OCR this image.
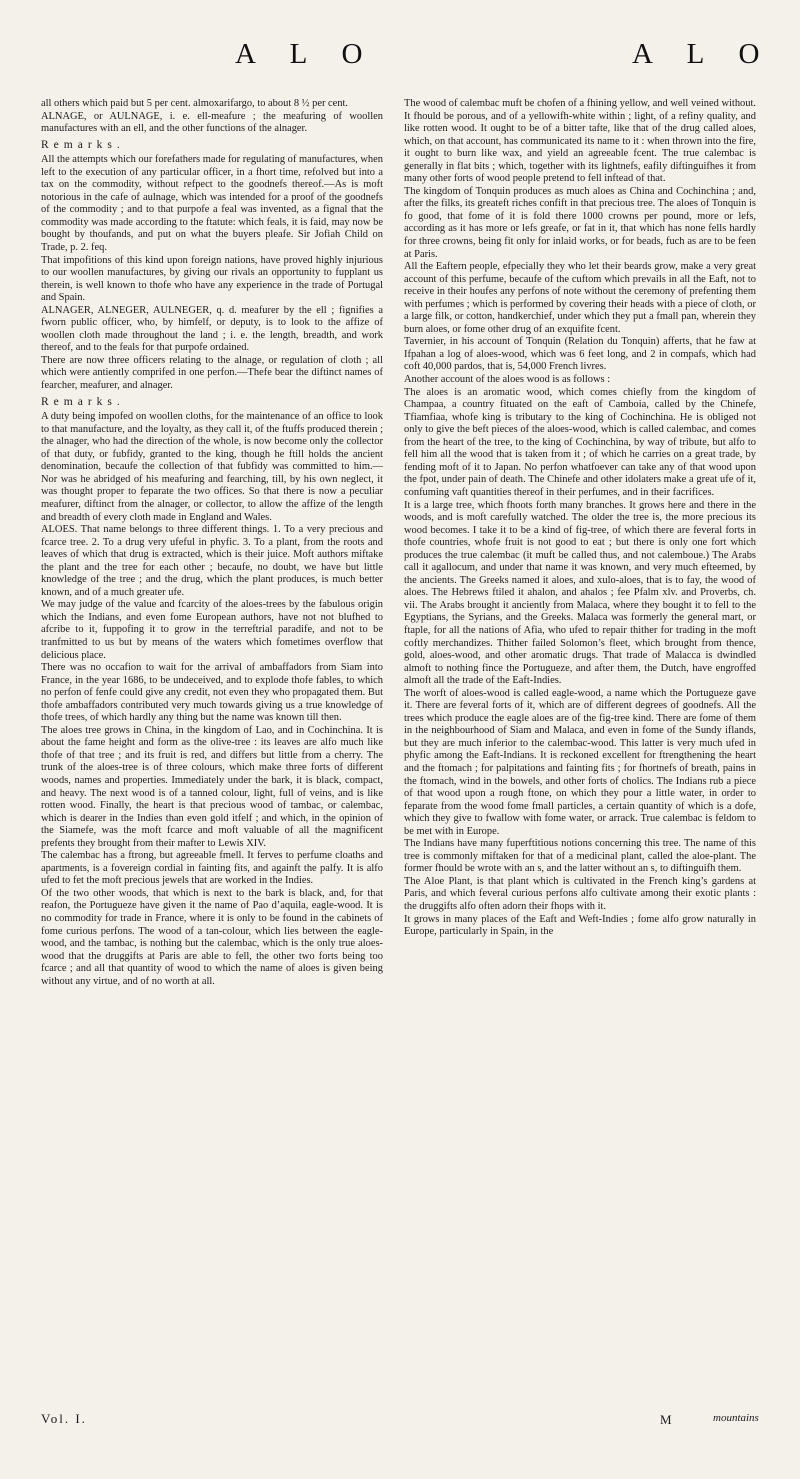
A L O	A L O

all others which paid but 5 per cent. almoxarifargo, to about 8 ½ per cent.

ALNAGE, or AULNAGE, i. e. ell-meafure ; the meafuring of woollen manufactures with an ell, and the other functions of the alnager.

Remarks.

All the attempts which our forefathers made for regulating of manufactures, when left to the execution of any particular officer, in a fhort time, refolved but into a tax on the commodity, without refpect to the goodnefs thereof.—As is moft notorious in the cafe of aulnage, which was intended for a proof of the goodnefs of the commodity ; and to that purpofe a feal was invented, as a fignal that the commodity was made according to the ftatute: which feals, it is faid, may now be bought by thoufands, and put on what the buyers pleafe. Sir Jofiah Child on Trade, p. 2. feq.

That impofitions of this kind upon foreign nations, have proved highly injurious to our woollen manufactures, by giving our rivals an opportunity to fupplant us therein, is well known to thofe who have any experience in the trade of Portugal and Spain.

ALNAGER, ALNEGER, AULNEGER, q. d. meafurer by the ell ; fignifies a fworn public officer, who, by himfelf, or deputy, is to look to the affize of woollen cloth made throughout the land ; i. e. the length, breadth, and work thereof, and to the feals for that purpofe ordained.

There are now three officers relating to the alnage, or regulation of cloth ; all which were antiently comprifed in one perfon.—Thefe bear the diftinct names of fearcher, meafurer, and alnager.

Remarks.

A duty being impofed on woollen cloths, for the maintenance of an office to look to that manufacture, and the loyalty, as they call it, of the ftuffs produced therein ; the alnager, who had the direction of the whole, is now become only the collector of that duty, or fubfidy, granted to the king, though he ftill holds the ancient denomination, becaufe the collection of that fubfidy was committed to him.— Nor was he abridged of his meafuring and fearching, till, by his own neglect, it was thought proper to feparate the two offices. So that there is now a peculiar meafurer, diftinct from the alnager, or collector, to allow the affize of the length and breadth of every cloth made in England and Wales.

ALOES. That name belongs to three different things. 1. To a very precious and fcarce tree. 2. To a drug very ufeful in phyfic. 3. To a plant, from the roots and leaves of which that drug is extracted, which is their juice. Moft authors miftake the plant and the tree for each other ; becaufe, no doubt, we have but little knowledge of the tree ; and the drug, which the plant produces, is much better known, and of a much greater ufe.

We may judge of the value and fcarcity of the aloes-trees by the fabulous origin which the Indians, and even fome European authors, have not not blufhed to afcribe to it, fuppofing it to grow in the terreftrial paradife, and not to be tranfmitted to us but by means of the waters which fometimes overflow that delicious place.

There was no occafion to wait for the arrival of ambaffadors from Siam into France, in the year 1686, to be undeceived, and to explode thofe fables, to which no perfon of fenfe could give any credit, not even they who propagated them. But thofe ambaffadors contributed very much towards giving us a true knowledge of thofe trees, of which hardly any thing but the name was known till then.

The aloes tree grows in China, in the kingdom of Lao, and in Cochinchina. It is about the fame height and form as the olive-tree : its leaves are alfo much like thofe of that tree ; and its fruit is red, and differs but little from a cherry. The trunk of the aloes-tree is of three colours, which make three forts of different woods, names and properties. Immediately under the bark, it is black, compact, and heavy. The next wood is of a tanned colour, light, full of veins, and is like rotten wood. Finally, the heart is that precious wood of tambac, or calembac, which is dearer in the Indies than even gold itfelf ; and which, in the opinion of the Siamefe, was the moft fcarce and moft valuable of all the magnificent prefents they brought from their mafter to Lewis XIV.

The calembac has a ftrong, but agreeable fmell. It ferves to perfume cloaths and apartments, is a fovereign cordial in fainting fits, and againft the palfy. It is alfo ufed to fet the moft precious jewels that are worked in the Indies.

Of the two other woods, that which is next to the bark is black, and, for that reafon, the Portugueze have given it the name of Pao d’aquila, eagle-wood. It is no commodity for trade in France, where it is only to be found in the cabinets of fome curious perfons. The wood of a tan-colour, which lies between the eagle-wood, and the tambac, is nothing but the calembac, which is the only true aloes-wood that the druggifts at Paris are able to fell, the other two forts being too fcarce ; and all that quantity of wood to which the name of aloes is given being without any virtue, and of no worth at all.

The wood of calembac muft be chofen of a fhining yellow, and well veined without. It fhould be porous, and of a yellowifh-white within ; light, of a refiny quality, and like rotten wood. It ought to be of a bitter tafte, like that of the drug called aloes, which, on that account, has communicated its name to it : when thrown into the fire, it ought to burn like wax, and yield an agreeable fcent. The true calembac is generally in flat bits ; which, together with its lightnefs, eafily diftinguifhes it from many other forts of wood people pretend to fell inftead of that.

The kingdom of Tonquin produces as much aloes as China and Cochinchina ; and, after the filks, its greateft riches confift in that precious tree. The aloes of Tonquin is fo good, that fome of it is fold there 1000 crowns per pound, more or lefs, according as it has more or lefs greafe, or fat in it, that which has none fells hardly for three crowns, being fit only for inlaid works, or for beads, fuch as are to be feen at Paris.

All the Eaftern people, efpecially they who let their beards grow, make a very great account of this perfume, becaufe of the cuftom which prevails in all the Eaft, not to receive in their houfes any perfons of note without the ceremony of prefenting them with perfumes ; which is performed by covering their heads with a piece of cloth, or a large filk, or cotton, handkerchief, under which they put a fmall pan, wherein they burn aloes, or fome other drug of an exquifite fcent.

Tavernier, in his account of Tonquin (Relation du Tonquin) afferts, that he faw at Ifpahan a log of aloes-wood, which was 6 feet long, and 2 in compafs, which had coft 40,000 pardos, that is, 54,000 French livres.

Another account of the aloes wood is as follows :

The aloes is an aromatic wood, which comes chiefly from the kingdom of Champaa, a country fituated on the eaft of Camboia, called by the Chinefe, Tfiamfiaa, whofe king is tributary to the king of Cochinchina. He is obliged not only to give the beft pieces of the aloes-wood, which is called calembac, and comes from the heart of the tree, to the king of Cochinchina, by way of tribute, but alfo to fell him all the wood that is taken from it ; of which he carries on a great trade, by fending moft of it to Japan. No perfon whatfoever can take any of that wood upon the fpot, under pain of death. The Chinefe and other idolaters make a great ufe of it, confuming vaft quantities thereof in their perfumes, and in their facrifices.

It is a large tree, which fhoots forth many branches. It grows here and there in the woods, and is moft carefully watched. The older the tree is, the more precious its wood becomes. I take it to be a kind of fig-tree, of which there are feveral forts in thofe countries, whofe fruit is not good to eat ; but there is only one fort which produces the true calembac (it muft be called thus, and not calemboue.) The Arabs call it agallocum, and under that name it was known, and very much efteemed, by the ancients. The Greeks named it aloes, and xulo-aloes, that is to fay, the wood of aloes. The Hebrews ftiled it ahalon, and ahalos ; fee Pfalm xlv. and Proverbs, ch. vii. The Arabs brought it anciently from Malaca, where they bought it to fell to the Egyptians, the Syrians, and the Greeks. Malaca was formerly the general mart, or ftaple, for all the nations of Afia, who ufed to repair thither for trading in the moft coftly merchandizes. Thither failed Solomon’s fleet, which brought from thence, gold, aloes-wood, and other aromatic drugs. That trade of Malacca is dwindled almoft to nothing fince the Portugueze, and after them, the Dutch, have engroffed almoft all the trade of the Eaft-Indies.

The worft of aloes-wood is called eagle-wood, a name which the Portugueze gave it. There are feveral forts of it, which are of different degrees of goodnefs. All the trees which produce the eagle aloes are of the fig-tree kind. There are fome of them in the neighbourhood of Siam and Malaca, and even in fome of the Sundy iflands, but they are much inferior to the calembac-wood. This latter is very much ufed in phyfic among the Eaft-Indians. It is reckoned excellent for ftrengthening the heart and the ftomach ; for palpitations and fainting fits ; for fhortnefs of breath, pains in the ftomach, wind in the bowels, and other forts of cholics. The Indians rub a piece of that wood upon a rough ftone, on which they pour a little water, in order to feparate from the wood fome fmall particles, a certain quantity of which is a dofe, which they give to fwallow with fome water, or arrack. True calembac is feldom to be met with in Europe.

The Indians have many fuperftitious notions concerning this tree. The name of this tree is commonly miftaken for that of a medicinal plant, called the aloe-plant. The former fhould be wrote with an s, and the latter without an s, to diftinguifh them.

The Aloe Plant, is that plant which is cultivated in the French king’s gardens at Paris, and which feveral curious perfons alfo cultivate among their exotic plants : the druggifts alfo often adorn their fhops with it.

It grows in many places of the Eaft and Weft-Indies ; fome alfo grow naturally in Europe, particularly in Spain, in the

Vol. I.	M	mountains
